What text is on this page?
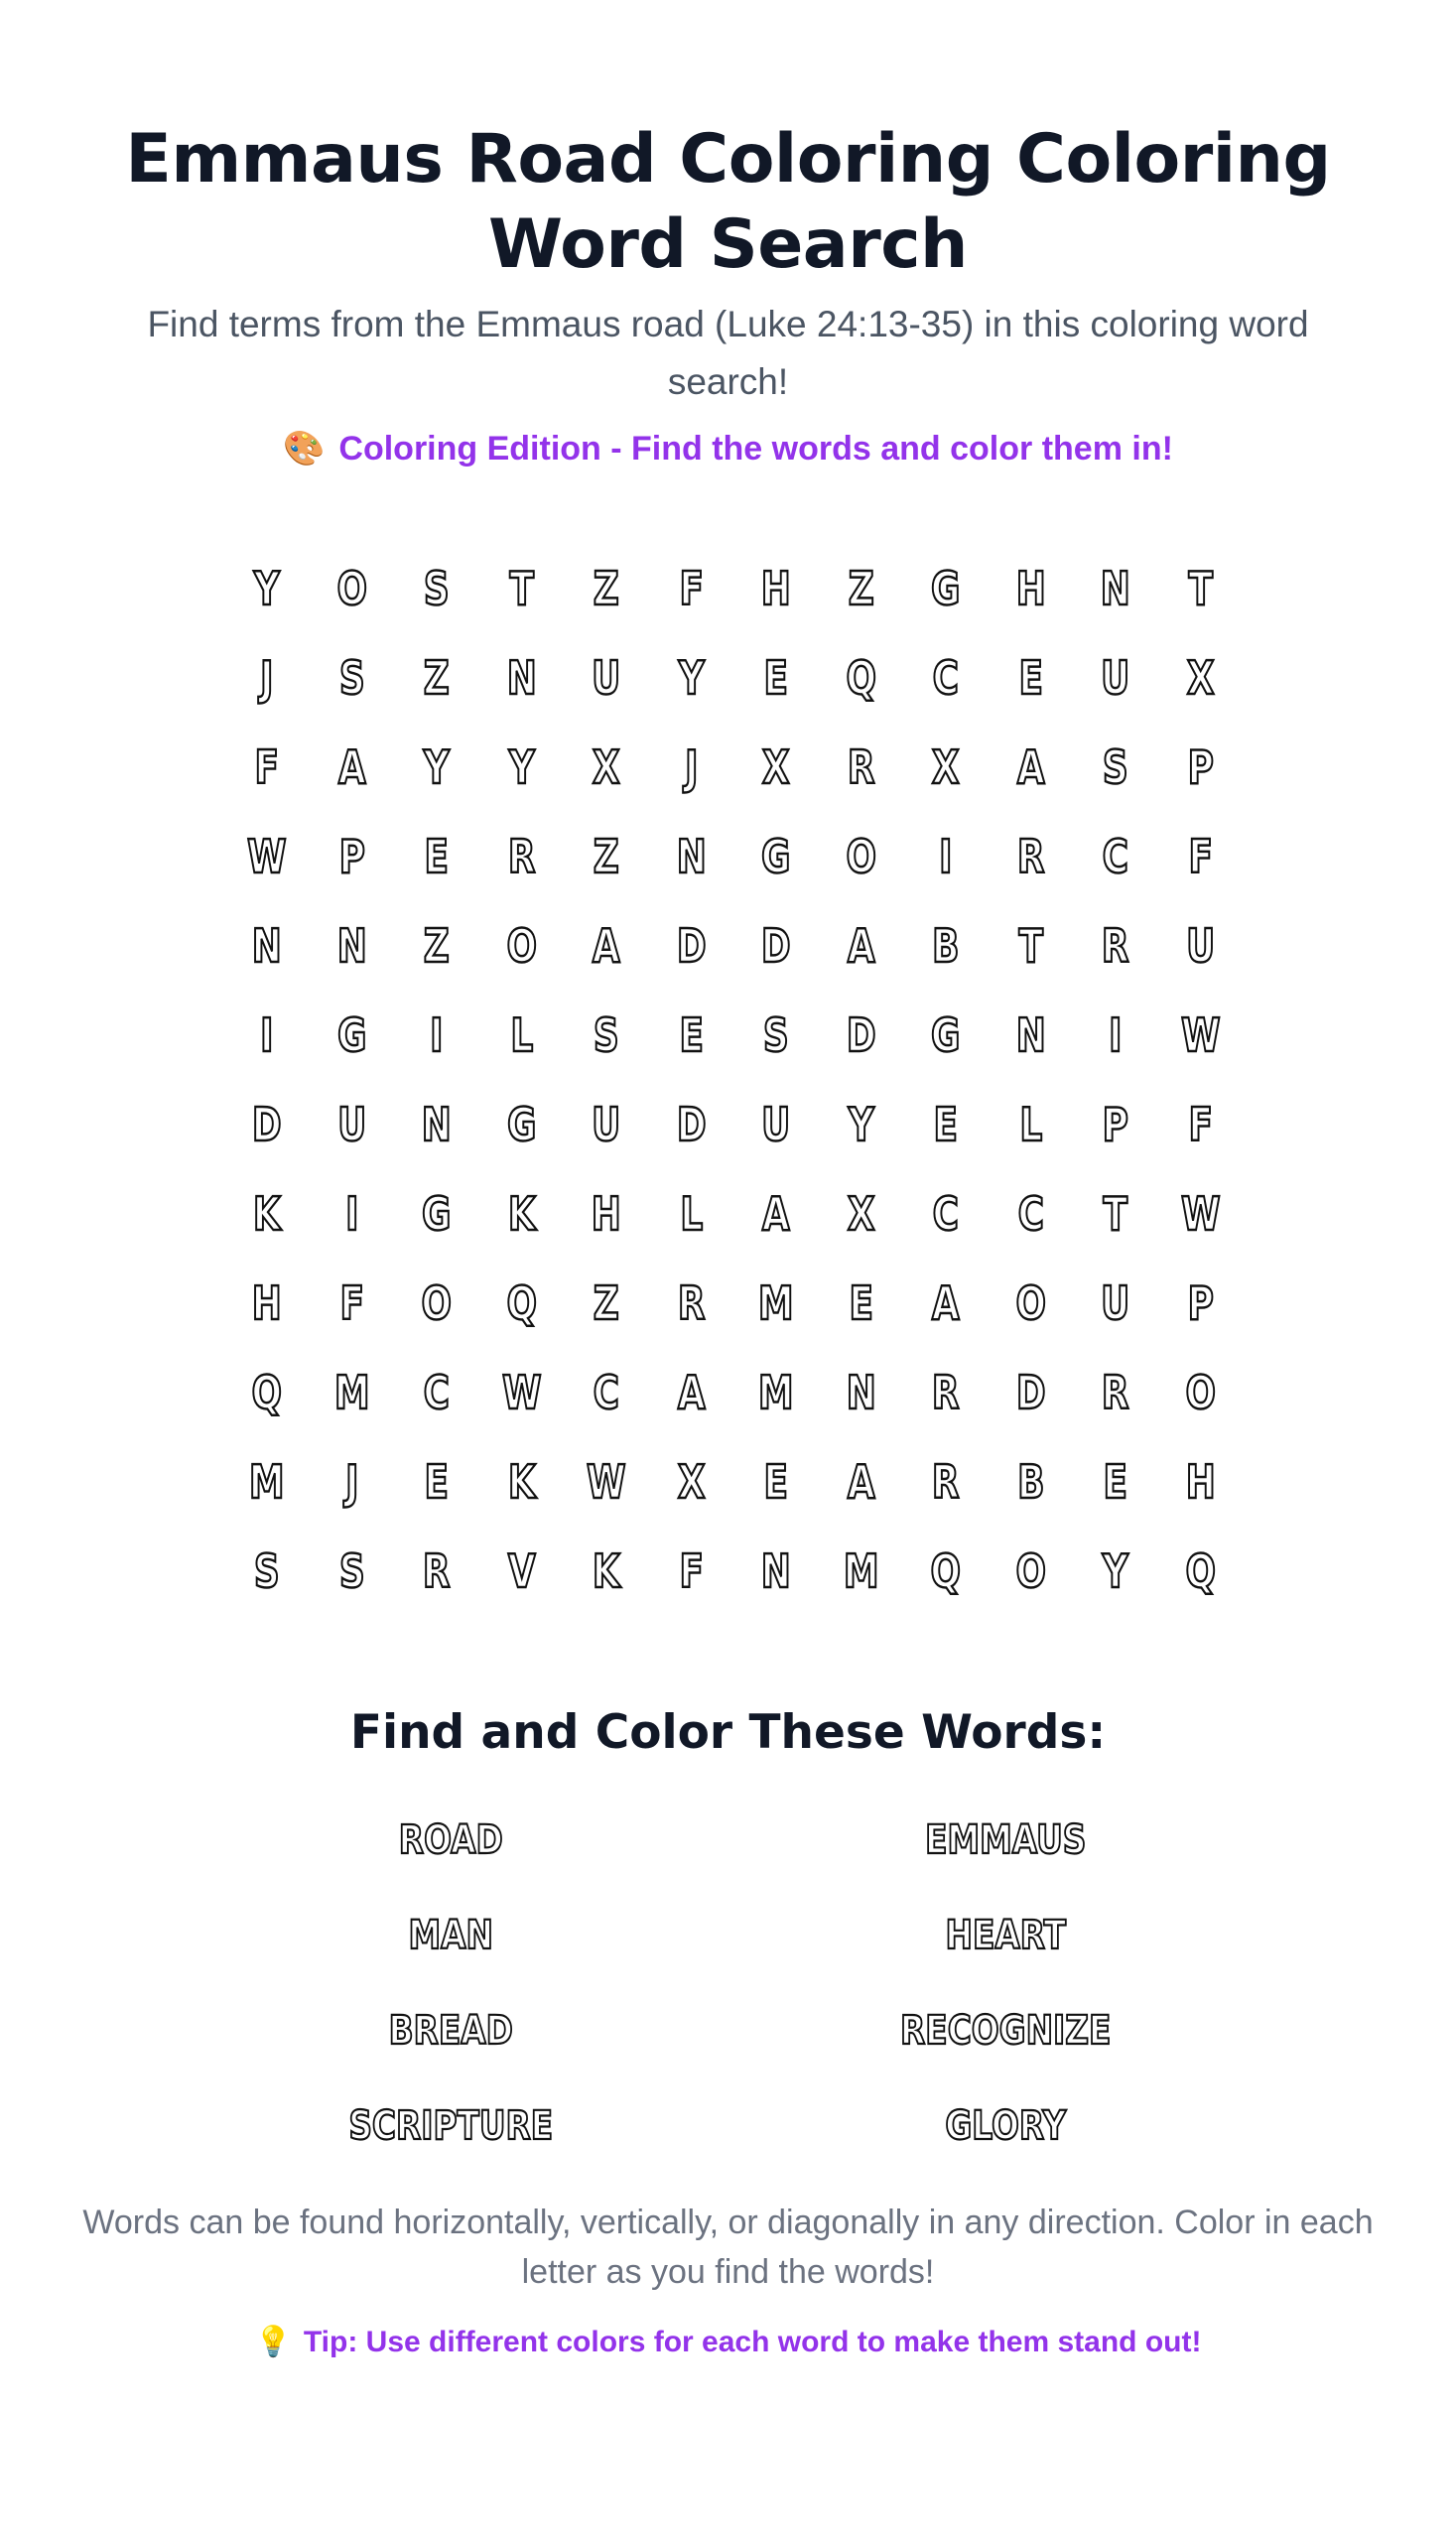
Emmaus Road Coloring Coloring Word Search

Find terms from the Emmaus road (Luke 24:13-35) in this coloring word search!

🎨 Coloring Edition - Find the words and color them in!
Y	O	S	T	Z	F	H	Z	G	H	N	T
J	S	Z	N	U	Y	E	Q	C	E	U	X
F	A	Y	Y	X	J	X	R	X	A	S	P
W	P	E	R	Z	N	G	O	I	R	C	F
N	N	Z	O	A	D	D	A	B	T	R	U
I	G	I	L	S	E	S	D	G	N	I	W
D	U	N	G	U	D	U	Y	E	L	P	F
K	I	G	K	H	L	A	X	C	C	T	W
H	F	O	Q	Z	R	M	E	A	O	U	P
Q	M	C	W	C	A	M	N	R	D	R	O
M	J	E	K	W	X	E	A	R	B	E	H
S	S	R	V	K	F	N	M	Q	O	Y	Q
Find and Color These Words:
ROAD	EMMAUS
MAN	HEART
BREAD	RECOGNIZE
SCRIPTURE	GLORY

Words can be found horizontally, vertically, or diagonally in any direction. Color in each letter as you find the words!

💡 Tip: Use different colors for each word to make them stand out!
